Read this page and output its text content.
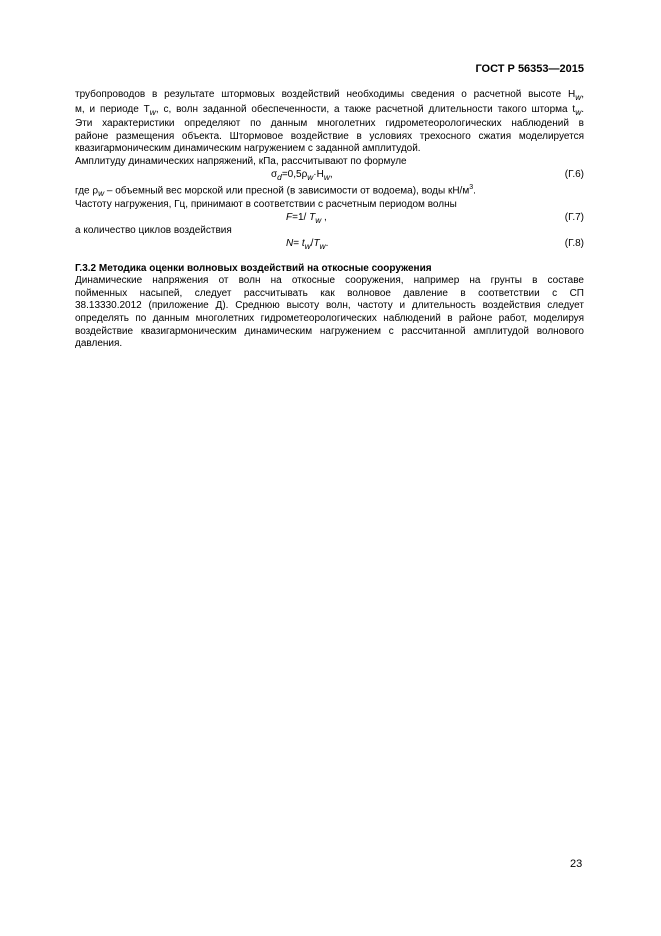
ГОСТ Р 56353—2015
трубопроводов в результате штормовых воздействий необходимы сведения о расчетной высоте $H_w$,
м, и периоде $T_w$, с, волн заданной обеспеченности, а также расчетной длительности такого шторма $t_w$.
Эти характеристики определяют по данным многолетних гидрометеорологических наблюдений в
районе размещения объекта. Штормовое воздействие в условиях трехосного сжатия моделируется
квазигармоническим динамическим нагружением с заданной амплитудой.
Амплитуду динамических напряжений, кПа, рассчитывают по формуле
$\sigma_d=0,5\rho_w\cdot H_w$,	(Г.6)
где $\rho_w$ – объемный вес морской или пресной (в зависимости от водоема), воды $кН/м^3$.
Частоту нагружения, Гц, принимают в соответствии с расчетным периодом волны
F=1/ $T_w$ ,	(Г.7)
а количество циклов воздействия
$N= t_w/T_w$.	(Г.8)
Г.3.2 Методика оценки волновых воздействий на откосные сооружения
Динамические напряжения от волн на откосные сооружения, например на грунты в составе
пойменных насыпей, следует рассчитывать как волновое давление в соответствии с СП
38.13330.2012 (приложение Д). Среднюю высоту волн, частоту и длительность воздействия следует
определять по данным многолетних гидрометеорологических наблюдений в районе работ, моделируя
воздействие квазигармоническим динамическим нагружением с рассчитанной амплитудой волнового
давления.
23
